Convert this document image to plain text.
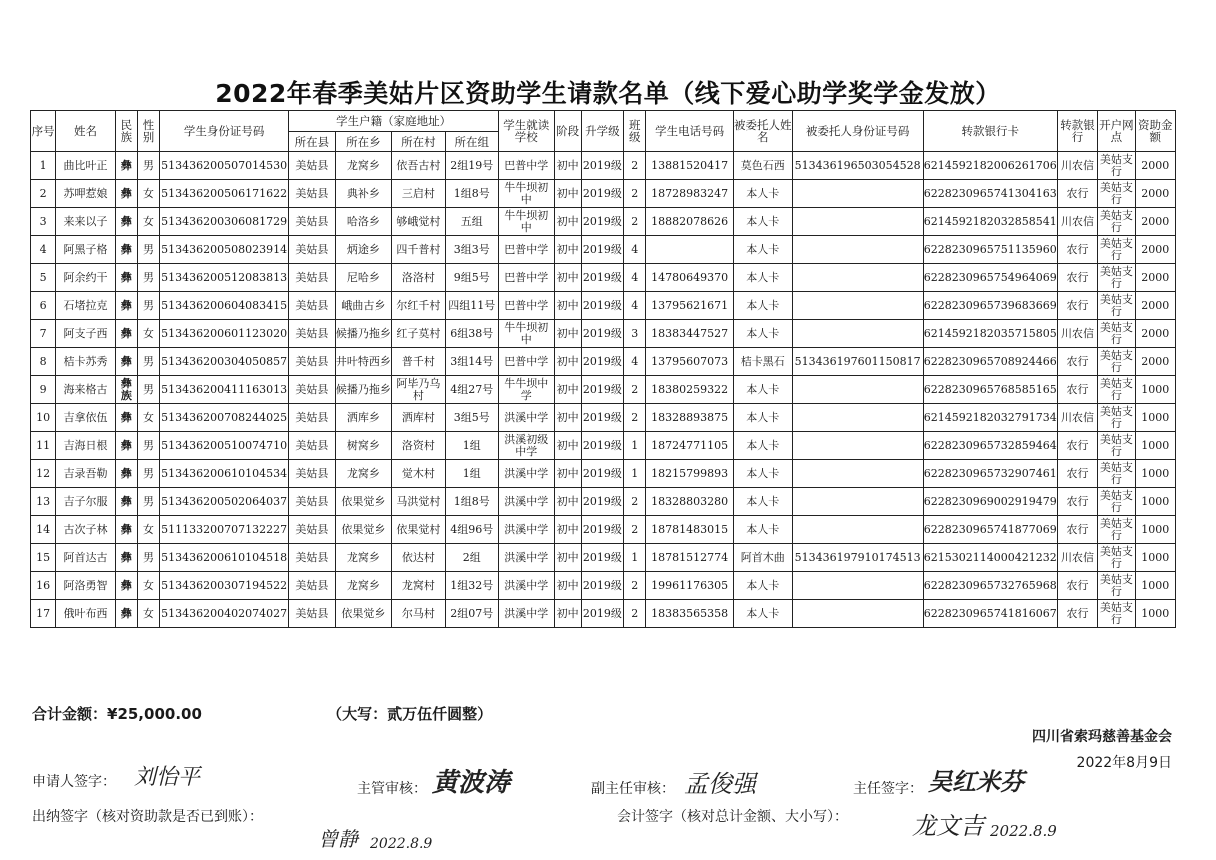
2022年春季美姑片区资助学生请款名单（线下爱心助学奖学金发放）
序号	姓名	民族	性别	学生身份证号码	学生户籍（家庭地址）				学生就读学校	阶段	升学级	班级	学生电话号码	被委托人姓名	被委托人身份证号码	转款银行卡	转款银行	开户网点	资助金额
					所在县	所在乡	所在村	所在组											
1	曲比叶正	彝	男	513436200507014530	美姑县	龙窝乡	依吾古村	2组19号	巴普中学	初中	2019级	2	13881520417	莫色石西	513436196503054528	6214592182006261706	川农信	美姑支行	2000
2	苏呷惹娘	彝	女	513436200506171622	美姑县	典补乡	三启村	1组8号	牛牛坝初中	初中	2019级	2	18728983247	本人卡		6228230965741304163	农行	美姑支行	2000
3	来来以子	彝	女	513436200306081729	美姑县	哈洛乡	够峨觉村	五组	牛牛坝初中	初中	2019级	2	18882078626	本人卡		6214592182032858541	川农信	美姑支行	2000
4	阿黑子格	彝	男	513436200508023914	美姑县	炳途乡	四千普村	3组3号	巴普中学	初中	2019级	4		本人卡		6228230965751135960	农行	美姑支行	2000
5	阿余约干	彝	男	513436200512083813	美姑县	尼哈乡	洛洛村	9组5号	巴普中学	初中	2019级	4	14780649370	本人卡		6228230965754964069	农行	美姑支行	2000
6	石堵拉克	彝	男	513436200604083415	美姑县	峨曲古乡	尔红千村	四组11号	巴普中学	初中	2019级	4	13795621671	本人卡		6228230965739683669	农行	美姑支行	2000
7	阿支子西	彝	女	513436200601123020	美姑县	候播乃拖乡	红子莫村	6组38号	牛牛坝初中	初中	2019级	3	18383447527	本人卡		6214592182035715805	川农信	美姑支行	2000
8	桔卡苏秀	彝	男	513436200304050857	美姑县	井叶特西乡	普千村	3组14号	巴普中学	初中	2019级	4	13795607073	桔卡黑石	513436197601150817	6228230965708924466	农行	美姑支行	2000
9	海来格古	彝族	男	513436200411163013	美姑县	候播乃拖乡	阿毕乃乌村	4组27号	牛牛坝中学	初中	2019级	2	18380259322	本人卡		6228230965768585165	农行	美姑支行	1000
10	吉拿依伍	彝	女	513436200708244025	美姑县	洒库乡	洒库村	3组5号	洪溪中学	初中	2019级	2	18328893875	本人卡		6214592182032791734	川农信	美姑支行	1000
11	吉海日根	彝	男	513436200510074710	美姑县	树窝乡	洛资村	1组	洪溪初级中学	初中	2019级	1	18724771105	本人卡		6228230965732859464	农行	美姑支行	1000
12	吉录吾勒	彝	男	513436200610104534	美姑县	龙窝乡	觉木村	1组	洪溪中学	初中	2019级	1	18215799893	本人卡		6228230965732907461	农行	美姑支行	1000
13	吉子尔服	彝	男	513436200502064037	美姑县	依果觉乡	马洪觉村	1组8号	洪溪中学	初中	2019级	2	18328803280	本人卡		6228230969002919479	农行	美姑支行	1000
14	古次子林	彝	女	511133200707132227	美姑县	依果觉乡	依果觉村	4组96号	洪溪中学	初中	2019级	2	18781483015	本人卡		6228230965741877069	农行	美姑支行	1000
15	阿首达古	彝	男	513436200610104518	美姑县	龙窝乡	依达村	2组	洪溪中学	初中	2019级	1	18781512774	阿首木曲	513436197910174513	6215302114000421232	川农信	美姑支行	1000
16	阿洛勇智	彝	女	513436200307194522	美姑县	龙窝乡	龙窝村	1组32号	洪溪中学	初中	2019级	2	19961176305	本人卡		6228230965732765968	农行	美姑支行	1000
17	俄叶布西	彝	女	513436200402074027	美姑县	依果觉乡	尔马村	2组07号	洪溪中学	初中	2019级	2	18383565358	本人卡		6228230965741816067	农行	美姑支行	1000
合计金额：¥25,000.00	（大写：贰万伍仟圆整）
四川省索玛慈善基金会
2022年8月9日
申请人签字： 刘怡平	主管审核： 黄波涛	副主任审核： 孟俊强	主任签字： 吴红米芬
出纳签字（核对资助款是否已到账）：
曾静 2022.8.9
会计签字（核对总计金额、大小写）：	龙文吉 2022.8.9
